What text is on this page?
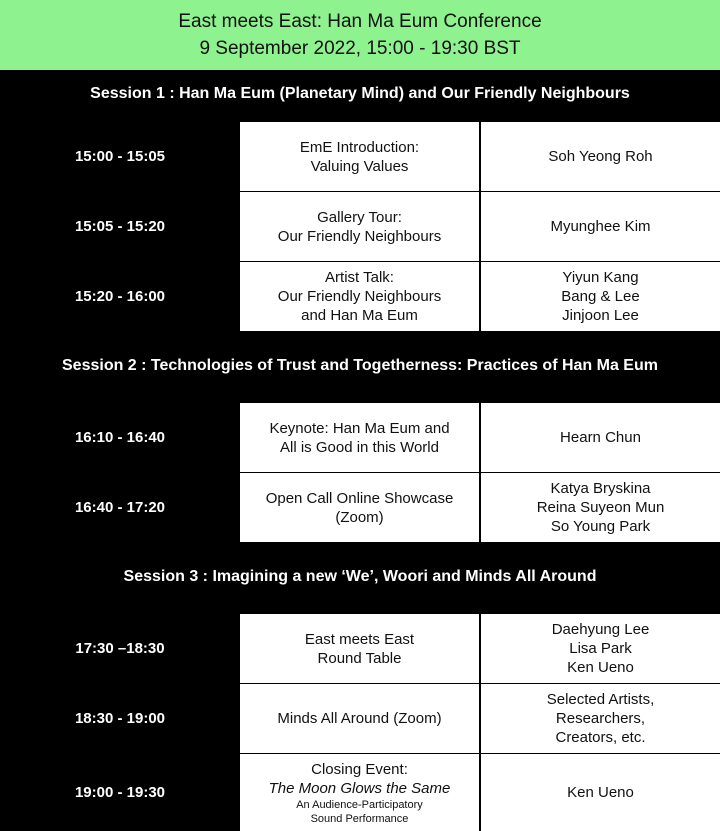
East meets East: Han Ma Eum Conference
9 September 2022, 15:00 - 19:30 BST
Session 1 : Han Ma Eum (Planetary Mind) and Our Friendly Neighbours
15:00 - 15:05
EmE Introduction:
Valuing Values
Soh Yeong Roh
15:05 - 15:20
Gallery Tour:
Our Friendly Neighbours
Myunghee Kim
15:20 - 16:00
Artist Talk:
Our Friendly Neighbours
and Han Ma Eum
Yiyun Kang
Bang & Lee
Jinjoon Lee
Session 2 : Technologies of Trust and Togetherness: Practices of Han Ma Eum
16:10 - 16:40
Keynote: Han Ma Eum and
All is Good in this World
Hearn Chun
16:40 - 17:20
Open Call Online Showcase
(Zoom)
Katya Bryskina
Reina Suyeon Mun
So Young Park
Session 3 : Imagining a new ‘We’, Woori and Minds All Around
17:30 –18:30
East meets East
Round Table
Daehyung Lee
Lisa Park
Ken Ueno
18:30 - 19:00	Minds All Around (Zoom)
Selected Artists,
Researchers,
Creators, etc.
19:00 - 19:30
Closing Event:
The Moon Glows the Same
An Audience-Participatory
Sound Performance
Ken Ueno
